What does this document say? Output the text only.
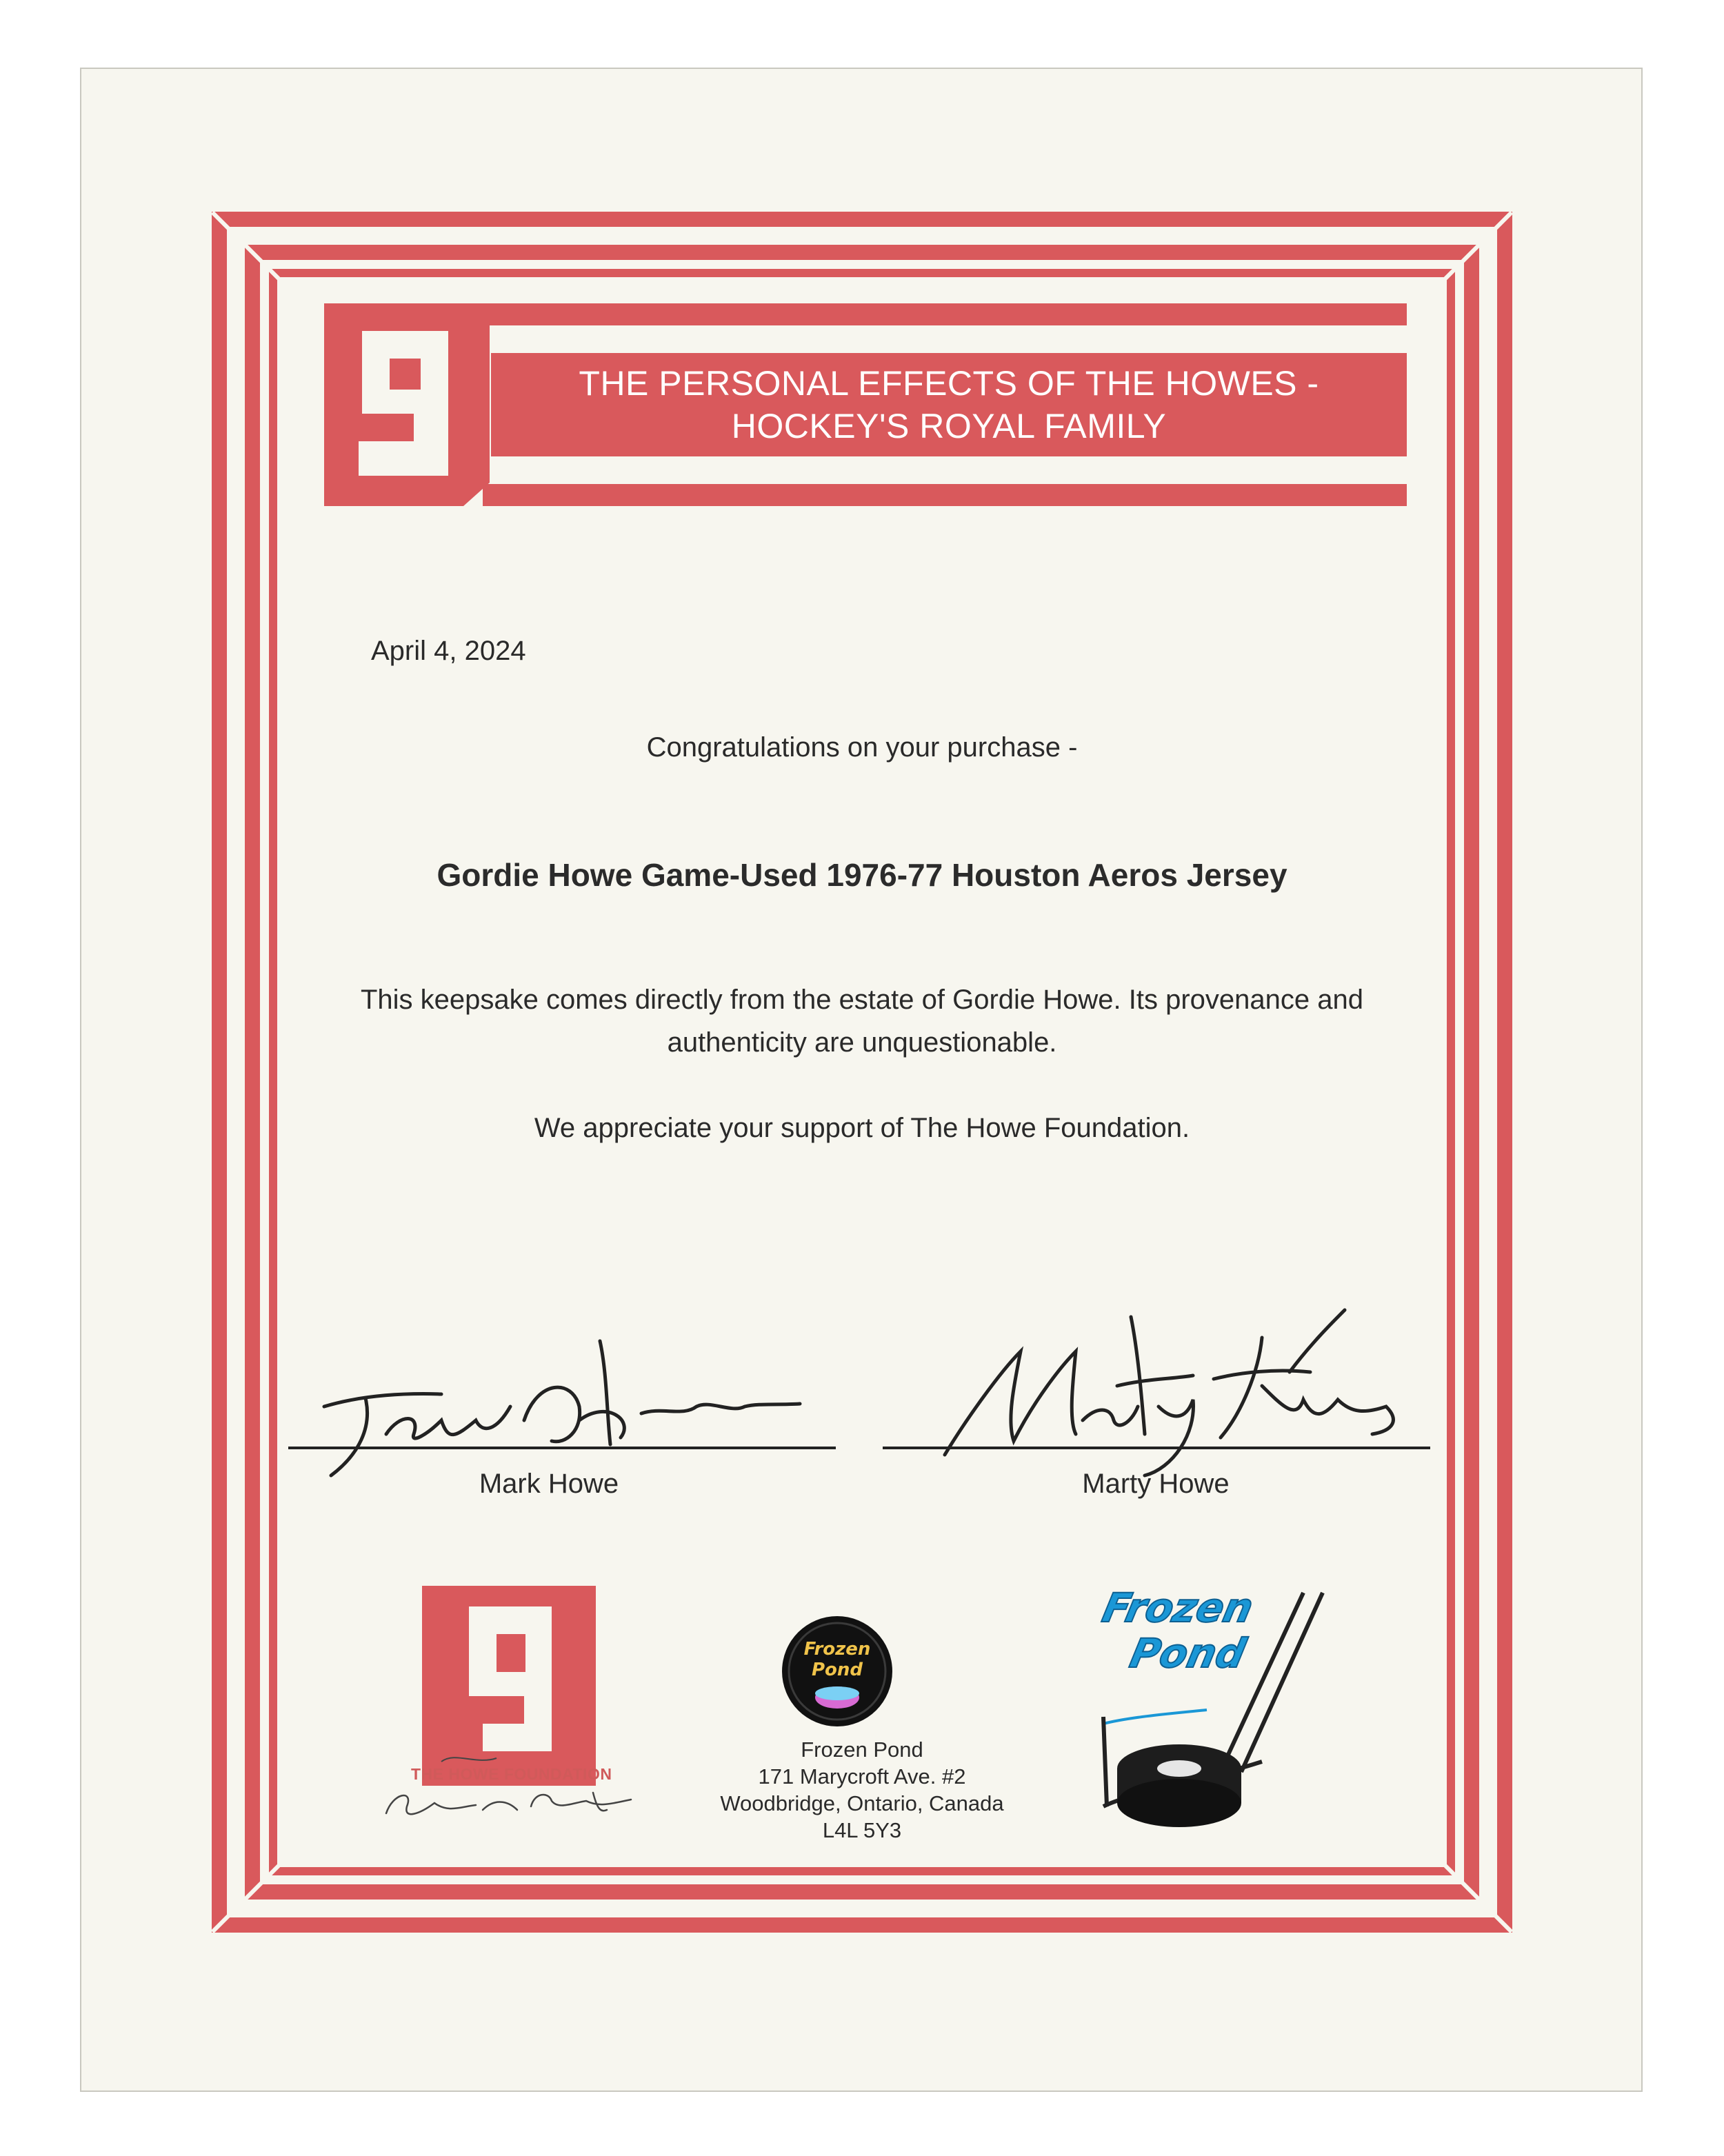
Frozen
Pond
THE PERSONAL EFFECTS OF THE HOWES -
HOCKEY'S ROYAL FAMILY
April 4, 2024
Congratulations on your purchase -
Gordie Howe Game-Used 1976-77 Houston Aeros Jersey
This keepsake comes directly from the estate of Gordie Howe. Its provenance and
authenticity are unquestionable.
We appreciate your support of The Howe Foundation.
Mark Howe	Marty Howe
THE HOWE FOUNDATION
Frozen Pond
171 Marycroft Ave. #2
Woodbridge, Ontario, Canada
L4L 5Y3
Frozen
Pond
